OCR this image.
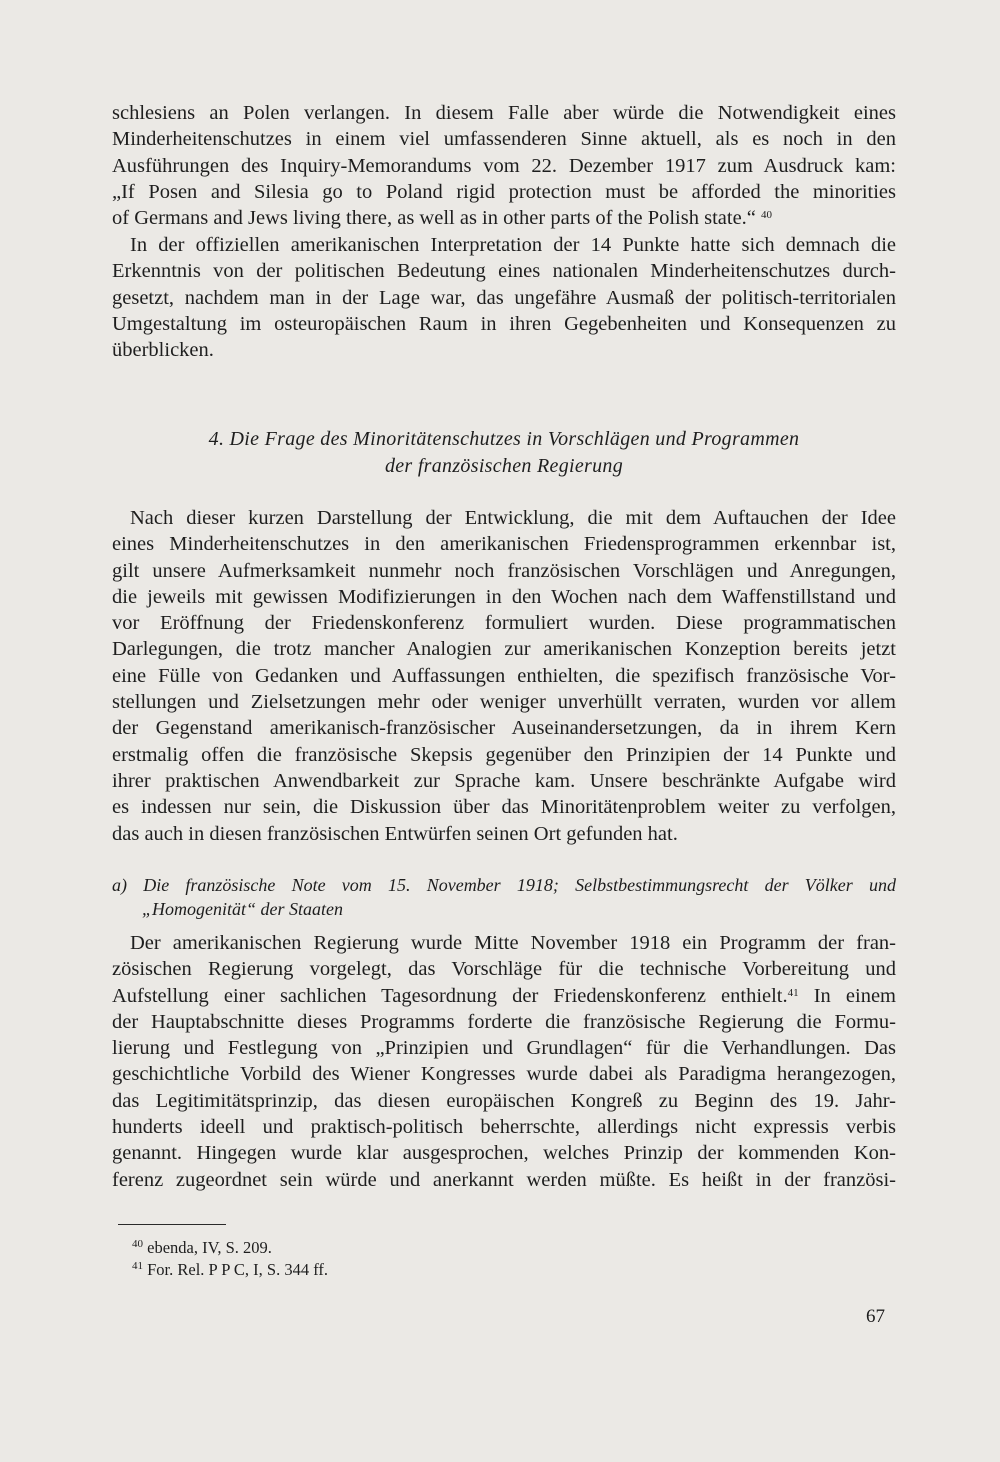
schlesiens an Polen verlangen. In diesem Falle aber würde die Notwendigkeit eines
Minderheitenschutzes in einem viel umfassenderen Sinne aktuell, als es noch in den
Ausführungen des Inquiry-Memorandums vom 22. Dezember 1917 zum Ausdruck kam:
„If Posen and Silesia go to Poland rigid protection must be afforded the minorities
of Germans and Jews living there, as well as in other parts of the Polish state.“ $^{40}$
In der offiziellen amerikanischen Interpretation der 14 Punkte hatte sich demnach die
Erkenntnis von der politischen Bedeutung eines nationalen Minderheitenschutzes durch-
gesetzt, nachdem man in der Lage war, das ungefähre Ausmaß der politisch-territorialen
Umgestaltung im osteuropäischen Raum in ihren Gegebenheiten und Konsequenzen zu
überblicken.
4. Die Frage des Minoritätenschutzes in Vorschlägen und Programmen
der französischen Regierung
Nach dieser kurzen Darstellung der Entwicklung, die mit dem Auftauchen der Idee
eines Minderheitenschutzes in den amerikanischen Friedensprogrammen erkennbar ist,
gilt unsere Aufmerksamkeit nunmehr noch französischen Vorschlägen und Anregungen,
die jeweils mit gewissen Modifizierungen in den Wochen nach dem Waffenstillstand und
vor Eröffnung der Friedenskonferenz formuliert wurden. Diese programmatischen
Darlegungen, die trotz mancher Analogien zur amerikanischen Konzeption bereits jetzt
eine Fülle von Gedanken und Auffassungen enthielten, die spezifisch französische Vor-
stellungen und Zielsetzungen mehr oder weniger unverhüllt verraten, wurden vor allem
der Gegenstand amerikanisch-französischer Auseinandersetzungen, da in ihrem Kern
erstmalig offen die französische Skepsis gegenüber den Prinzipien der 14 Punkte und
ihrer praktischen Anwendbarkeit zur Sprache kam. Unsere beschränkte Aufgabe wird
es indessen nur sein, die Diskussion über das Minoritätenproblem weiter zu verfolgen,
das auch in diesen französischen Entwürfen seinen Ort gefunden hat.
a) Die französische Note vom 15. November 1918; Selbstbestimmungsrecht der Völker und
„Homogenität“ der Staaten
Der amerikanischen Regierung wurde Mitte November 1918 ein Programm der fran-
zösischen Regierung vorgelegt, das Vorschläge für die technische Vorbereitung und
Aufstellung einer sachlichen Tagesordnung der Friedenskonferenz enthielt.$^{41}$ In einem
der Hauptabschnitte dieses Programms forderte die französische Regierung die Formu-
lierung und Festlegung von „Prinzipien und Grundlagen“ für die Verhandlungen. Das
geschichtliche Vorbild des Wiener Kongresses wurde dabei als Paradigma herangezogen,
das Legitimitätsprinzip, das diesen europäischen Kongreß zu Beginn des 19. Jahr-
hunderts ideell und praktisch-politisch beherrschte, allerdings nicht expressis verbis
genannt. Hingegen wurde klar ausgesprochen, welches Prinzip der kommenden Kon-
ferenz zugeordnet sein würde und anerkannt werden müßte. Es heißt in der französi-
$^{40}$ ebenda, IV, S. 209.
$^{41}$ For. Rel. P P C, I, S. 344 ff.
67
